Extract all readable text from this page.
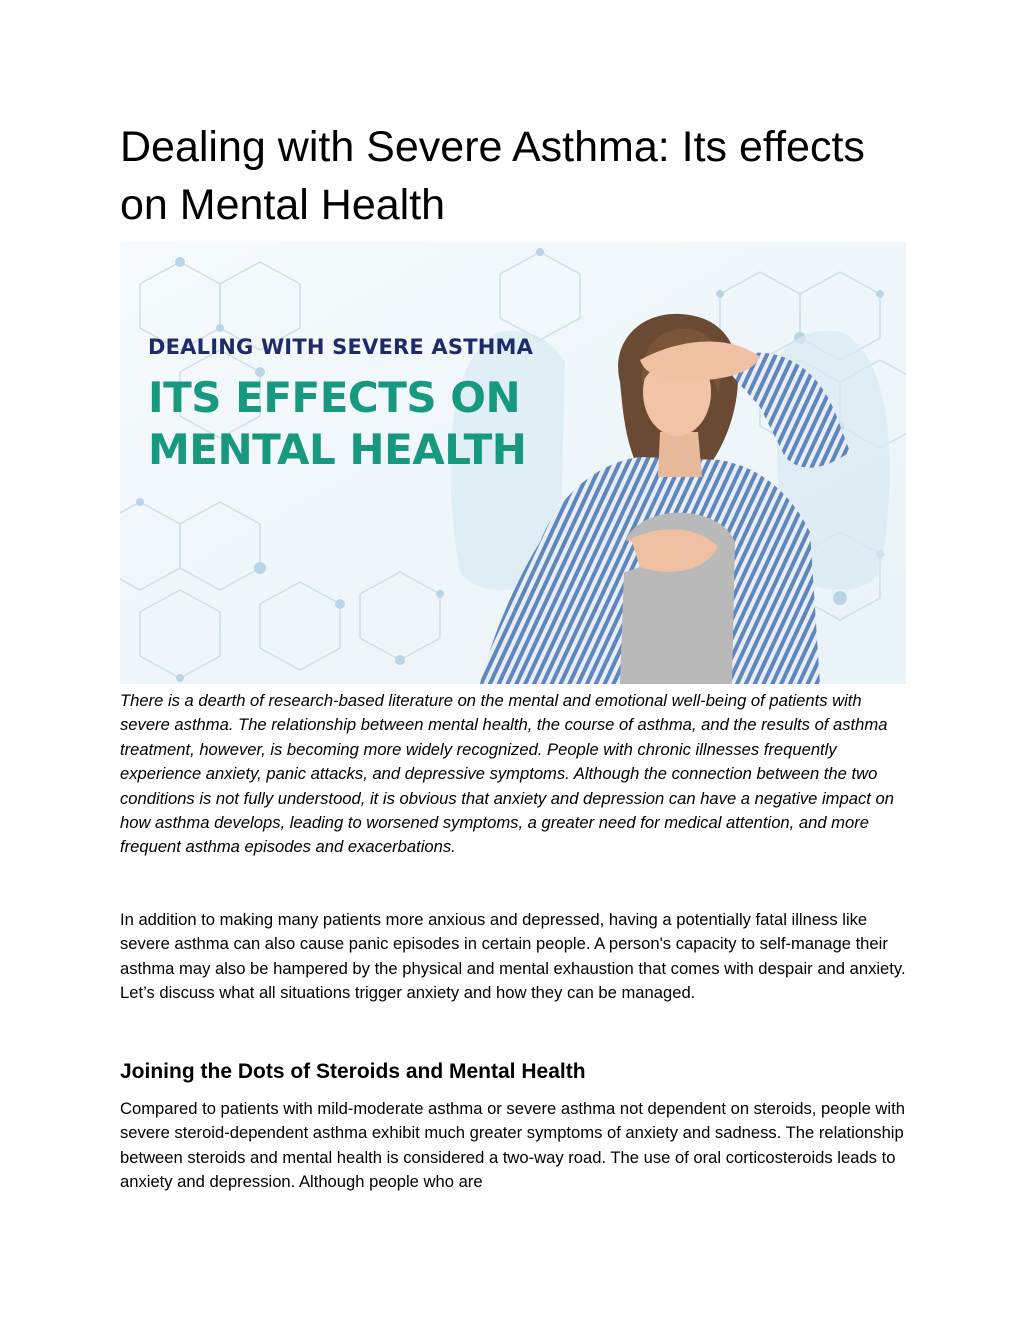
Dealing with Severe Asthma: Its effects on Mental Health
DEALING WITH SEVERE ASTHMA
ITS EFFECTS ON
MENTAL HEALTH

There is a dearth of research-based literature on the mental and emotional well-being of patients with severe asthma. The relationship between mental health, the course of asthma, and the results of asthma treatment, however, is becoming more widely recognized. People with chronic illnesses frequently experience anxiety, panic attacks, and depressive symptoms. Although the connection between the two conditions is not fully understood, it is obvious that anxiety and depression can have a negative impact on how asthma develops, leading to worsened symptoms, a greater need for medical attention, and more frequent asthma episodes and exacerbations.

In addition to making many patients more anxious and depressed, having a potentially fatal illness like severe asthma can also cause panic episodes in certain people. A person's capacity to self-manage their asthma may also be hampered by the physical and mental exhaustion that comes with despair and anxiety. Let’s discuss what all situations trigger anxiety and how they can be managed.

Joining the Dots of Steroids and Mental Health

Compared to patients with mild-moderate asthma or severe asthma not dependent on steroids, people with severe steroid-dependent asthma exhibit much greater symptoms of anxiety and sadness. The relationship between steroids and mental health is considered a two-way road. The use of oral corticosteroids leads to anxiety and depression. Although people who are
